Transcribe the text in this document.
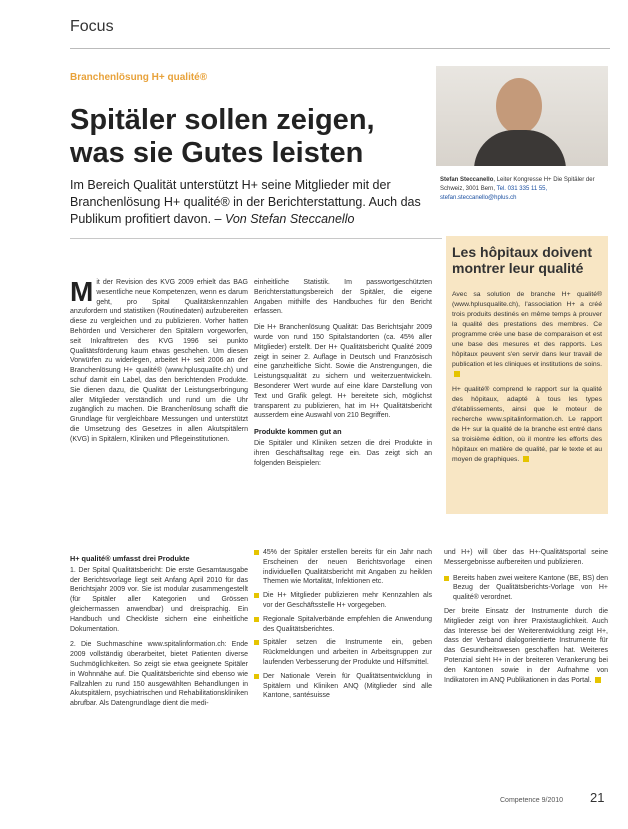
Focus
Branchenlösung H+ qualité®
Spitäler sollen zeigen, was sie Gutes leisten
Im Bereich Qualität unterstützt H+ seine Mitglieder mit der Branchenlösung H+ qualité® in der Berichterstattung. Auch das Publikum profitiert davon. – Von Stefan Steccanello
Stefan Steccanello, Leiter Kongresse H+ Die Spitäler der Schweiz, 3001 Bern, Tel. 031 335 11 55, stefan.steccanello@hplus.ch

Mit der Revision des KVG 2009 erhielt das BAG wesentliche neue Kompetenzen, wenn es darum geht, pro Spital Qualitätskennzahlen anzufordern und statistiken (Routinedaten) aufzubereiten diese zu vergleichen und zu publizieren. Vorher hatten Behörden und Versicherer den Spitälern vorgeworfen, seit Inkrafttreten des KVG 1996 sei punkto Qualitätsförderung kaum etwas geschehen. Um diesen Vorwürfen zu widerlegen, arbeitet H+ seit 2006 an der Branchenlösung H+ qualité® (www.hplusqualite.ch) und schuf damit ein Label, das den berichtenden Produkte. Sie dienen dazu, die Qualität der Leistungserbringung aller Mitglieder verständlich und rund um die Uhr zugänglich zu machen. Die Branchenlösung schafft die Grundlage für vergleichbare Messungen und unterstützt die Umsetzung des Gesetzes in allen Akutspitälern (KVG) in Spitälern, Kliniken und Pflegeinstitutionen.

einheitliche Statistik. Im passwortgeschützten Berichterstattungsbereich der Spitäler, die eigene Angaben mithilfe des Handbuches für den Bericht erfassen.

Die H+ Branchenlösung Qualität: Das Berichtsjahr 2009 wurde von rund 150 Spitalstandorten (ca. 45% aller Mitglieder) erstellt. Der H+ Qualitätsbericht Qualité 2009 zeigt in seiner 2. Auflage in Deutsch und Französisch eine ganzheitliche Sicht. Sowie die Anstrengungen, die Leistungsqualität zu sichern und weiterzuentwickeln. Besonderer Wert wurde auf eine klare Darstellung von Text und Grafik gelegt. H+ bereitete sich, möglichst transparent zu publizieren, hat im H+ Qualitätsbericht ausserdem eine Auswahl von 210 Begriffen.

Produkte kommen gut an

Die Spitäler und Kliniken setzen die drei Produkte in ihren Geschäftsalltag rege ein. Das zeigt sich an folgenden Beispielen:

Les hôpitaux doivent montrer leur qualité

Avec sa solution de branche H+ qualité® (www.hplusqualite.ch), l'association H+ a créé trois produits destinés en même temps à prouver la qualité des prestations des membres. Ce programme crée une base de comparaison et est une base des mesures et des rapports. Les hôpitaux peuvent s'en servir dans leur travail de publication et les cliniques et institutions de soins.

H+ qualité® comprend le rapport sur la qualité des hôpitaux, adapté à tous les types d'établissements, ainsi que le moteur de recherche www.spitalinformation.ch. Le rapport de H+ sur la qualité de la branche est entré dans sa troisième édition, où il montre les efforts des hôpitaux en matière de qualité, par le texte et au moyen de graphiques.

H+ qualité® umfasst drei Produkte

1. Der Spital Qualitätsbericht: Die erste Gesamtausgabe der Berichtsvorlage liegt seit Anfang April 2010 für das Berichtsjahr 2009 vor. Sie ist modular zusammengestellt (für Spitäler aller Kategorien und Grössen gleichermassen anwendbar) und dreisprachig. Ein Handbuch und Checkliste sichern eine einheitliche Dokumentation.

2. Die Suchmaschine www.spitalinformation.ch: Ende 2009 vollständig überarbeitet, bietet Patienten diverse Suchmöglichkeiten. So zeigt sie etwa geeignete Spitäler in Wohnnähe auf. Die Qualitätsberichte sind ebenso wie Fallzahlen zu rund 150 ausgewählten Behandlungen in Akutspitälern, psychiatrischen und Rehabilitationskliniken abrufbar. Als Datengrundlage dient die medi-

45% der Spitäler erstellen bereits für ein Jahr nach Erscheinen der neuen Berichtsvorlage einen individuellen Qualitätsbericht mit Angaben zu heiklen Themen wie Mortalität, Infektionen etc.
Die H+ Mitglieder publizieren mehr Kennzahlen als vor der Geschäftsstelle H+ vorgegeben.
Regionale Spitalverbände empfehlen die Anwendung des Qualitätsberichtes.
Spitäler setzen die Instrumente ein, geben Rückmeldungen und arbeiten in Arbeitsgruppen zur laufenden Verbesserung der Produkte und Hilfsmittel.
Der Nationale Verein für Qualitätsentwicklung in Spitälern und Kliniken ANQ (Mitglieder sind alle Kantone, santésuisse

und H+) will über das H+-Qualitätsportal seine Messergebnisse aufbereiten und publizieren.

Bereits haben zwei weitere Kantone (BE, BS) den Bezug der Qualitätsberichts-Vorlage von H+ qualité® verordnet.

Der breite Einsatz der Instrumente durch die Mitglieder zeigt von ihrer Praxistauglichkeit. Auch das Interesse bei der Weiterentwicklung zeigt H+, dass der Verband dialogorientierte Instrumente für das Gesundheitswesen geschaffen hat. Weiteres Potenzial sieht H+ in der breiteren Verankerung bei den Kantonen sowie in der Aufnahme von Indikatoren im ANQ Publikationen in das Portal.

Competence 9/2010 21
